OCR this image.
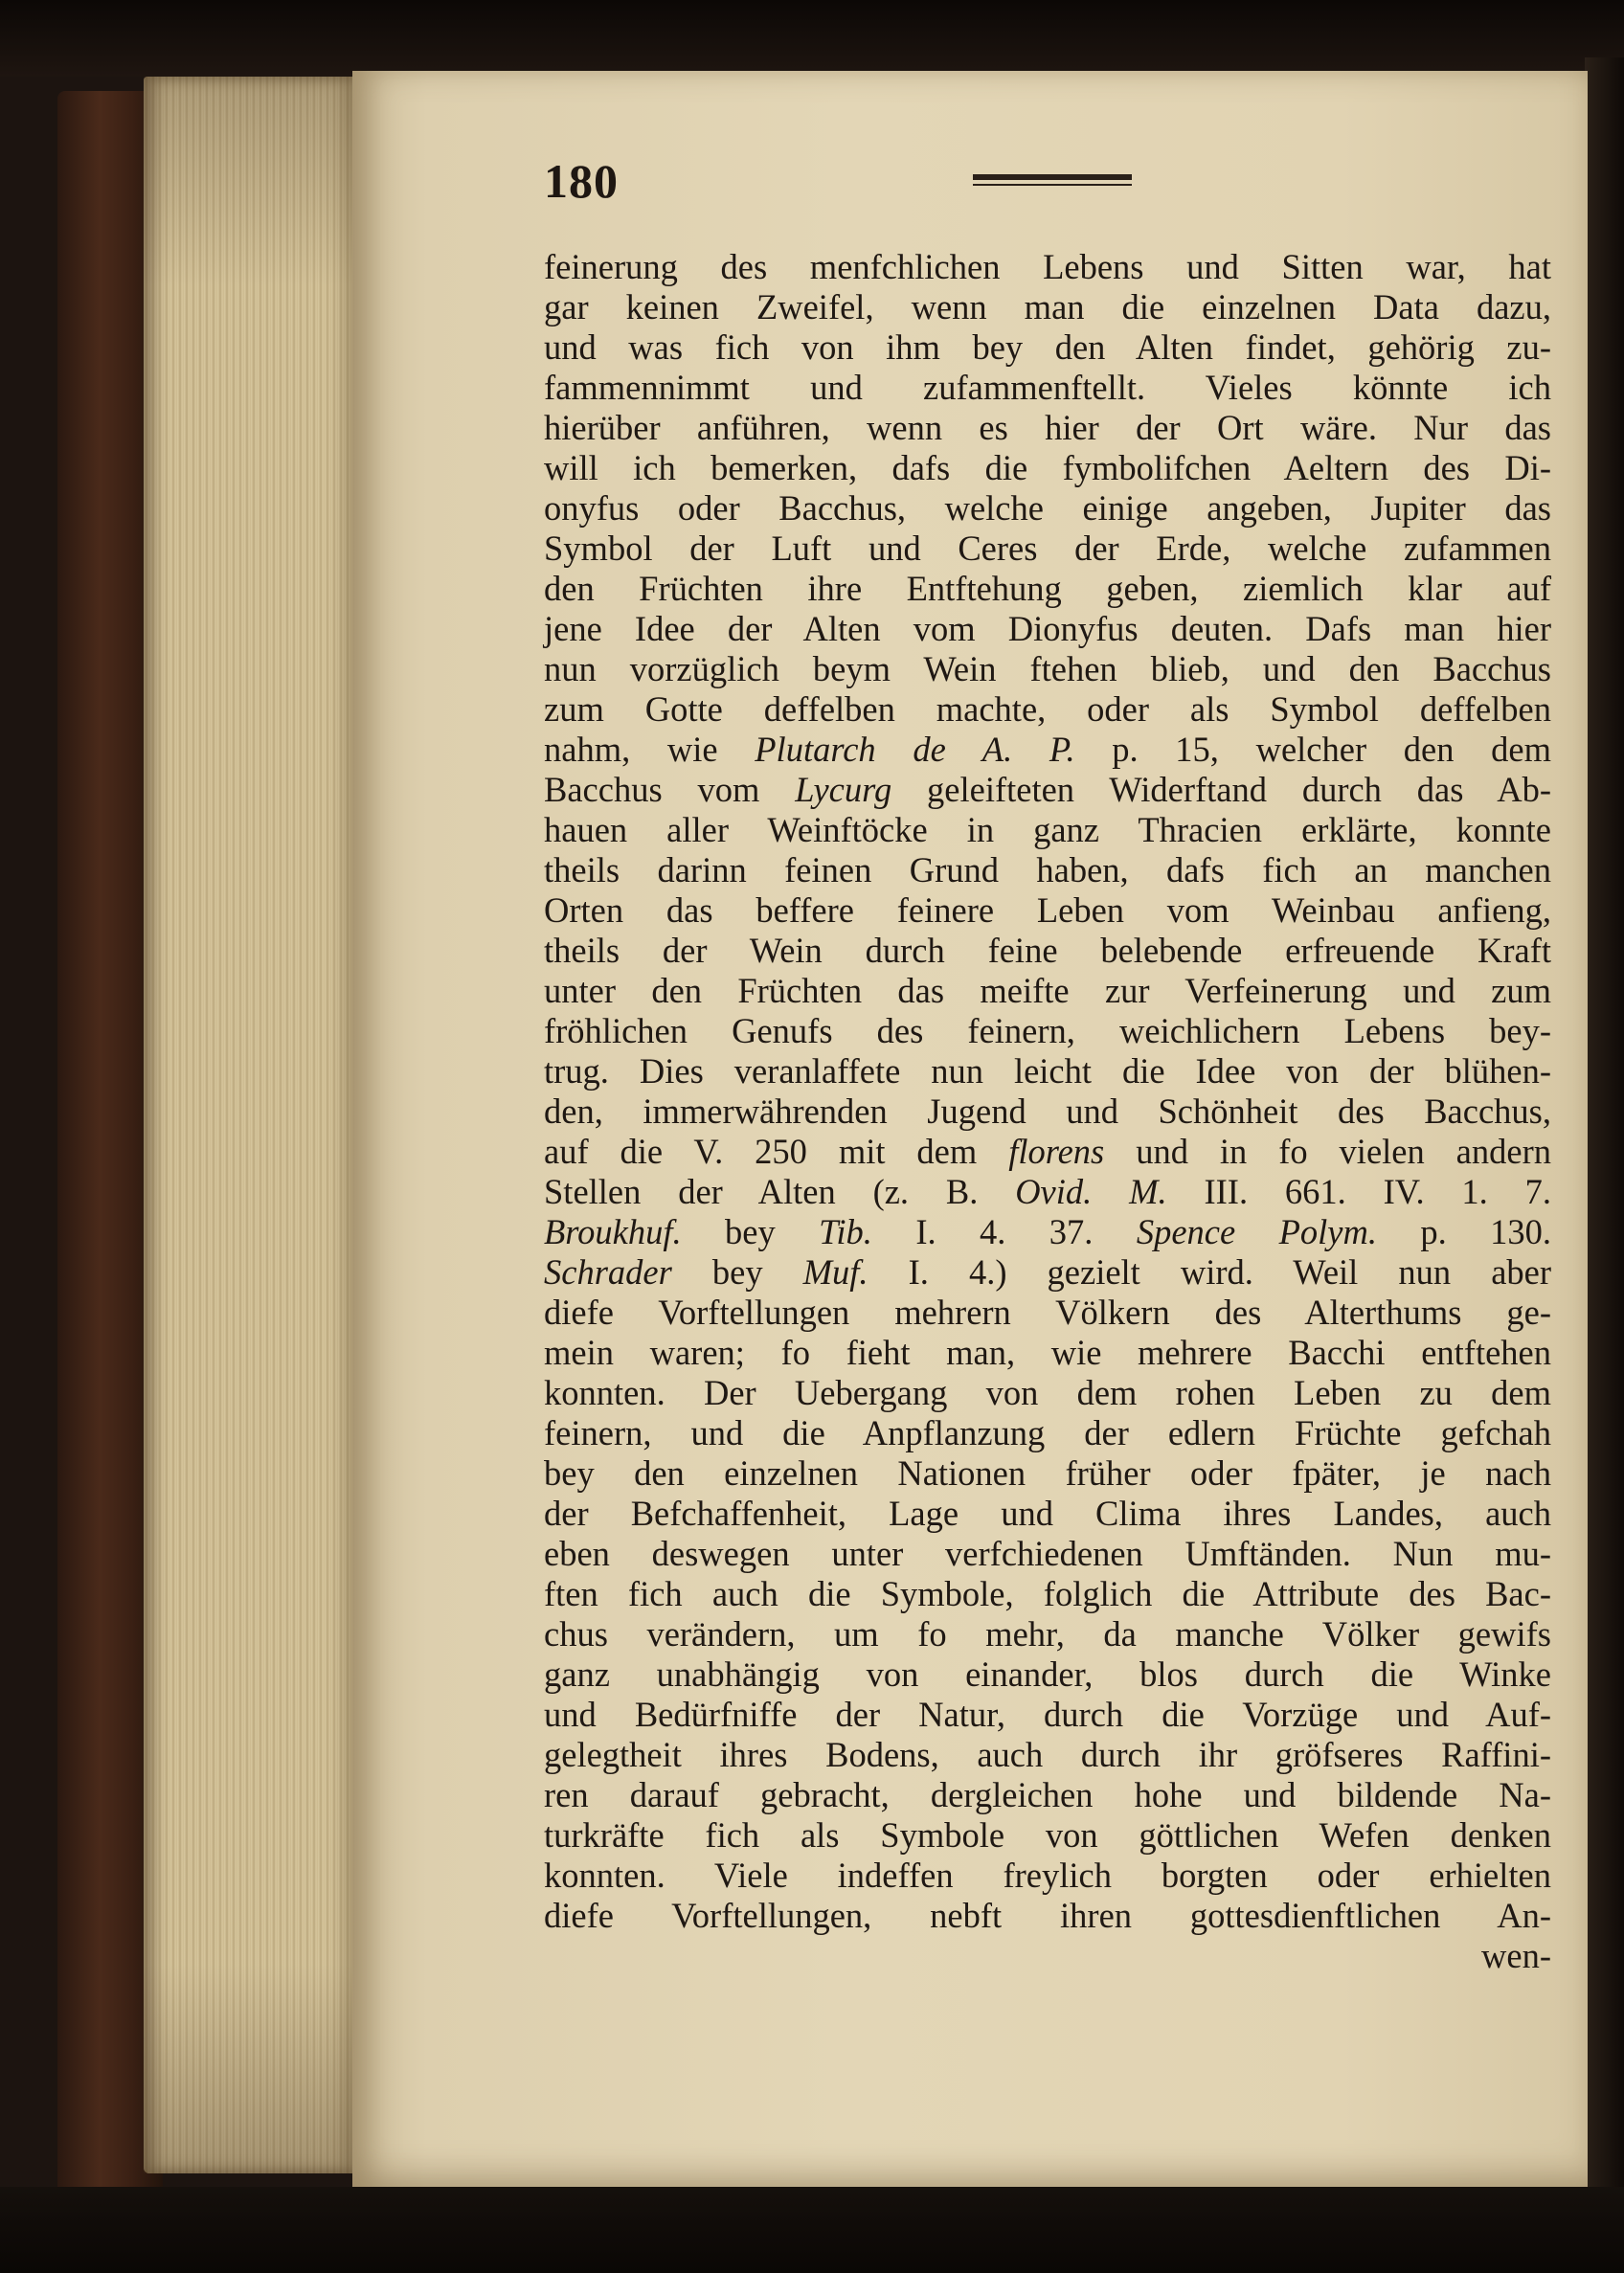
180
feinerung des menfchlichen Lebens und Sitten war, hat
gar keinen Zweifel, wenn man die einzelnen Data dazu,
und was fich von ihm bey den Alten findet, gehörig zu-
fammennimmt und zufammenftellt. Vieles könnte ich
hierüber anführen, wenn es hier der Ort wäre. Nur das
will ich bemerken, dafs die fymbolifchen Aeltern des Di-
onyfus oder Bacchus, welche einige angeben, Jupiter das
Symbol der Luft und Ceres der Erde, welche zufammen
den Früchten ihre Entftehung geben, ziemlich klar auf
jene Idee der Alten vom Dionyfus deuten. Dafs man hier
nun vorzüglich beym Wein ftehen blieb, und den Bacchus
zum Gotte deffelben machte, oder als Symbol deffelben
nahm, wie Plutarch de A. P. p. 15, welcher den dem
Bacchus vom Lycurg geleifteten Widerftand durch das Ab-
hauen aller Weinftöcke in ganz Thracien erklärte, konnte
theils darinn feinen Grund haben, dafs fich an manchen
Orten das beffere feinere Leben vom Weinbau anfieng,
theils der Wein durch feine belebende erfreuende Kraft
unter den Früchten das meifte zur Verfeinerung und zum
fröhlichen Genufs des feinern, weichlichern Lebens bey-
trug. Dies veranlaffete nun leicht die Idee von der blühen-
den, immerwährenden Jugend und Schönheit des Bacchus,
auf die V. 250 mit dem florens und in fo vielen andern
Stellen der Alten (z. B. Ovid. M. III. 661. IV. 1. 7.
Broukhuf. bey Tib. I. 4. 37. Spence Polym. p. 130.
Schrader bey Muf. I. 4.) gezielt wird. Weil nun aber
diefe Vorftellungen mehrern Völkern des Alterthums ge-
mein waren; fo fieht man, wie mehrere Bacchi entftehen
konnten. Der Uebergang von dem rohen Leben zu dem
feinern, und die Anpflanzung der edlern Früchte gefchah
bey den einzelnen Nationen früher oder fpäter, je nach
der Befchaffenheit, Lage und Clima ihres Landes, auch
eben deswegen unter verfchiedenen Umftänden. Nun mu-
ften fich auch die Symbole, folglich die Attribute des Bac-
chus verändern, um fo mehr, da manche Völker gewifs
ganz unabhängig von einander, blos durch die Winke
und Bedürfniffe der Natur, durch die Vorzüge und Auf-
gelegtheit ihres Bodens, auch durch ihr gröfseres Raffini-
ren darauf gebracht, dergleichen hohe und bildende Na-
turkräfte fich als Symbole von göttlichen Wefen denken
konnten. Viele indeffen freylich borgten oder erhielten
diefe Vorftellungen, nebft ihren gottesdienftlichen An-
wen-
